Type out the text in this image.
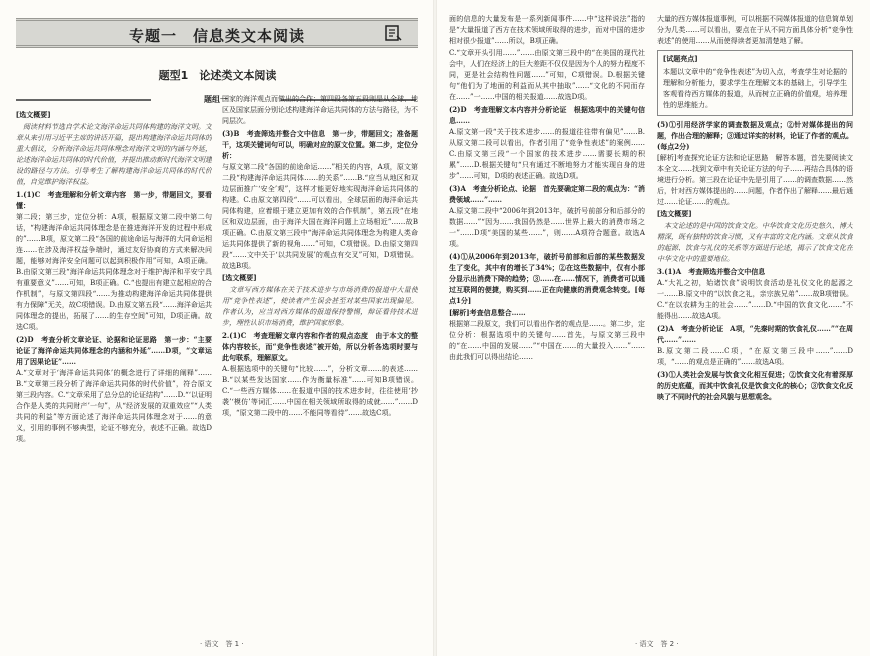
专题一　信息类文本阅读
题型1　论述类文本阅读
题组一

[选文概要]

　阅读材料节选自学术论文海洋命运共同体构建的海洋文明。文章从来引用习近平主席的讲话开篇，提出构建海洋命运共同体的重大倡议，分析海洋命运共同体理念对海洋文明的内涵与外延，论述海洋命运共同体的时代价值，并提出推动新时代海洋文明建设的路径与方法。引导考生了解构建海洋命运共同体的时代价值，自觉维护海洋权益。

1.(1)C　考查理解和分析文章内容　第一步，带题回文，要看懂：

第二段；第三步，定位分析：A项，根据原文第二段中第二句话，“构建海洋命运共同体理念是在推进海洋开发的过程中形成的”……B项，原文第二段“各国的前途命运与海洋的大同命运相连……在涉及海洋权益争端时，通过友好协商的方式来解决问题，能够对海洋安全问题可以起到积极作用”可知，A项正确。B.由原文第三段“海洋命运共同体理念对于维护海洋和平安宁具有重要意义”……可知，B项正确。C.“也提出有建立起相应的合作机制”，与原文第四段“……为推动构建海洋命运共同体提供有力保障”无关，故C项错误。D.由原文第五段“……海洋命运共同体理念的提出，拓展了……的生存空间”可知，D项正确。故选C项。

(2)D　考查分析文章论证、论据和论证思路　第一步：“主要论证了海洋命运共同体理念的内涵和外延”……D项，“文章运用了因果论证”……

A.“文章对于‘海洋命运共同体’的概念进行了详细的阐释”……B.“文章第三段分析了海洋命运共同体的时代价值”，符合原文第三段内容。C.“文章采用了总分总的论证结构”……D.“‘以证明合作是人类的共同财产’一句”，从“经济发展的双重效应”“人类共同的利益”等方面论述了海洋命运共同体理念对于……的意义，引用的事例不够典型，论证不够充分，表述不正确。故选D项。

国家的海洋观点而做出的合作；第四段各第五段则是从全球、地区及国家层面分别论述构建海洋命运共同体的方法与路径，为不同层次。

(3)B　考查筛选并整合文中信息　第一步，带题回文；准备题干，这项关键词句可以，明确对应的原文位置。第二步，定位分析：

与原文第二段“各国的前途命运……”相关的内容，A项，原文第二段“构建海洋命运共同体……的关系”……B.“应当从地区和双边层面推广‘安全’观”，这样才能更好地实现海洋命运共同体的构建。C.由原文第四段“……可以看出，全球层面的海洋命运共同体构建，应着眼于建立更加有效的合作机制”，第五段“在地区和双边层面，由于海洋大国在海洋问题上立场相近”……故B项正确。C.由原文第三段中“海洋命运共同体理念为构建人类命运共同体提供了新的视角……”可知，C项错误。D.由原文第四段“……文中关于‘以共同发展’的观点有交叉”可知，D项错误。故选B项。

[选文概要]

　文章写西方媒体在关于技术进步与市场消费的报道中大量使用“竞争性表述”，使读者产生误会甚至对某些国家出现偏见。作者认为，应当对西方媒体的报道保持警惕，辩证看待技术进步，理性认识市场消费，维护国家形象。

2.(1)C　考查理解文章内容和作者的观点态度　由于本文的整体内容较长，而“竞争性表述”被开始，所以分析各选项时要与此句联系，理解原文。

A.根据选项中的关键句“比较……”，分析文章……的表述……B.“以某些发达国家……作为衡量标准”……可知B项错误。C.“一些西方媒体……在报道中国的技术进步时，往往使用‘抄袭’‘模仿’等词汇……中国在相关领域所取得的成就……”……D项，“原文第二段中的……不能同等看待”……故选C项。

· 语文　答 1 ·

面的信息的大量发布是一系列新闻事件……中“这样说法”指的是“大量报道了西方在技术领域所取得的进步，而对中国的进步相对很少报道”……所以，B项正确。

C.“文章开头引用……”……由原文第三段中的“在美国的现代社会中，人们在经济上的巨大差距不仅仅是因为个人的努力程度不同，更是社会结构性问题……”可知，C项错误。D.根据关键句“他们为了地面的利益而从其中抽取”……“文化的不同而存在……”一……中国的相关报道……故选D项。

(2)D　考查理解文本内容并分析论证　根据选项中的关键句信息……

A.原文第一段“关于技术进步……的报道往往带有偏见”……B.从原文第二段可以看出，作者引用了“竞争性表述”的案例……C.由原文第三段“一个国家的技术进步……需要长期的积累”……D.根据关键句“只有通过不断地努力才能实现自身的进步”……可知，D项的表述正确。故选D项。

(3)A　考查分析论点、论据　首先要确定第二段的观点为：“消费领域……”……

A.原文第二段中“2006年到2013年，破折号前部分和后部分的数据……”“因为……我国仍然是……世界上最大的消费市场之一”……D项“美国的某些……”，则……A项符合题意。故选A项。

(4)①从2006年到2013年，破折号前部和后部的某些数据发生了变化，其中有的增长了34%；②在这些数据中，仅有小部分显示出消费下降的趋势；③……在……情况下，消费者可以通过互联网的便捷，购买到……正在向健康的消费观念转变。[每点1分]

[解析]考查信息整合……

根据第二段原文，我们可以看出作者的观点是……。第二步，定位分析：根据选项中的关键句……首先，与原文第三段中的“在……中国的发展……”“中国在……的大量投入……”……由此我们可以得出结论……

大量的西方媒体报道事例，可以根据不同媒体报道的信息简单划分为几类……可以看出，要点在于从不同方面具体分析“竞争性表述”的使用……从而使得读者更加清楚地了解。

[试题亮点]

本题以文章中的“竞争性表述”为切入点，考查学生对论据的理解和分析能力，要求学生在理解文本的基础上，引导学生客观看待西方媒体的报道，从而树立正确的价值观，培养理性的思维能力。

(5)①引用经济学家的调查数据及观点；②针对媒体提出的问题，作出合理的解释；③通过详实的材料，论证了作者的观点。(每点2分)

[解析]考查探究论证方法和论证思路　解答本题，首先要阅读文本全文……找到文章中有关论证方法的句子……再结合具体的语境进行分析。第三段在论证中先是引用了……的调查数据……然后，针对西方媒体提出的……问题，作者作出了解释……最后通过……论证……的观点。

[选文概要]

　本文论述的是中国的饮食文化。中华饮食文化历史悠久、博大精深，既有独特的饮食习惯，又有丰富的文化内涵。文章从饮食的起源、饮食与礼仪的关系等方面进行论述，揭示了饮食文化在中华文化中的重要地位。

3.(1)A　考查筛选并整合文中信息

A.“大礼之初，始诸饮食”说明饮食活动是礼仪文化的起源之一……B.原文中的“以饮食之礼，亲宗族兄弟”……故B项错误。C.“在以农耕为主的社会……”……D.“中国的饮食文化……”不能得出……故选A项。

(2)A　考查分析论证　A项，“先秦时期的饮食礼仪……”“在周代……”……

B.原文第二段……C项，“在原文第三段中……”……D项，“……的观点是正确的”……故选A项。

(3)①人类社会发展与饮食文化相互促进；②饮食文化有着深厚的历史底蕴，而其中饮食礼仪是饮食文化的核心；③饮食文化反映了不同时代的社会风貌与思想观念。

· 语文　答 2 ·
